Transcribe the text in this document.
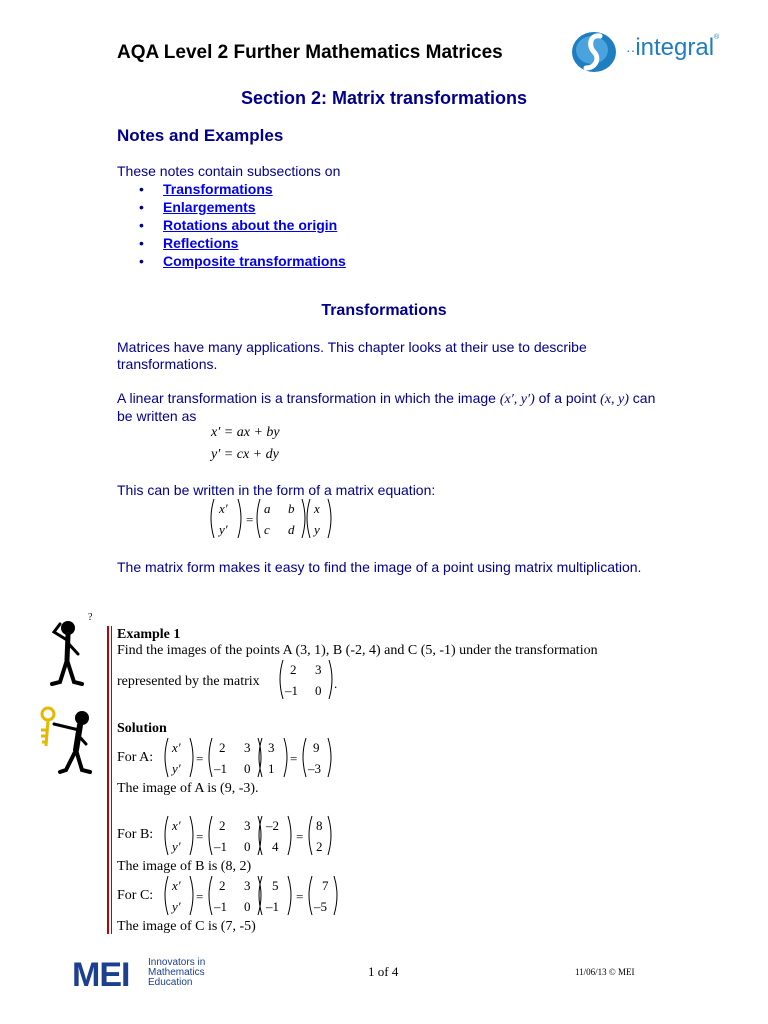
AQA Level 2 Further Mathematics Matrices	··integral®
Section 2: Matrix transformations
Notes and Examples
These notes contain subsections on
• Transformations
• Enlargements
• Rotations about the origin
• Reflections
• Composite transformations
Transformations
Matrices have many applications. This chapter looks at their use to describe transformations.
A linear transformation is a transformation in which the image (x′, y′) of a point (x, y) can be written as
x′ = ax + by
y′ = cx + dy
This can be written in the form of a matrix equation:
x′
y′
=
a b
c d
x
y
The matrix form makes it easy to find the image of a point using matrix multiplication.
?
Example 1
Find the images of the points A (3, 1), B (-2, 4) and C (5, -1) under the transformation
represented by the matrix
2 3
–1 0 .
Solution
For A:
x′
y′
=
2 3
–1 0
3
1
=
9
–3
The image of A is (9, -3).
For B:
x′
y′
=
2 3
–1 0
–2
4
=
8
2
The image of B is (8, 2)
For C:
x′
y′
=
2 3
–1 0
5
–1
=
7
–5
The image of C is (7, -5)
MEI Innovators in
Mathematics
Education
1 of 4	11/06/13 © MEI
